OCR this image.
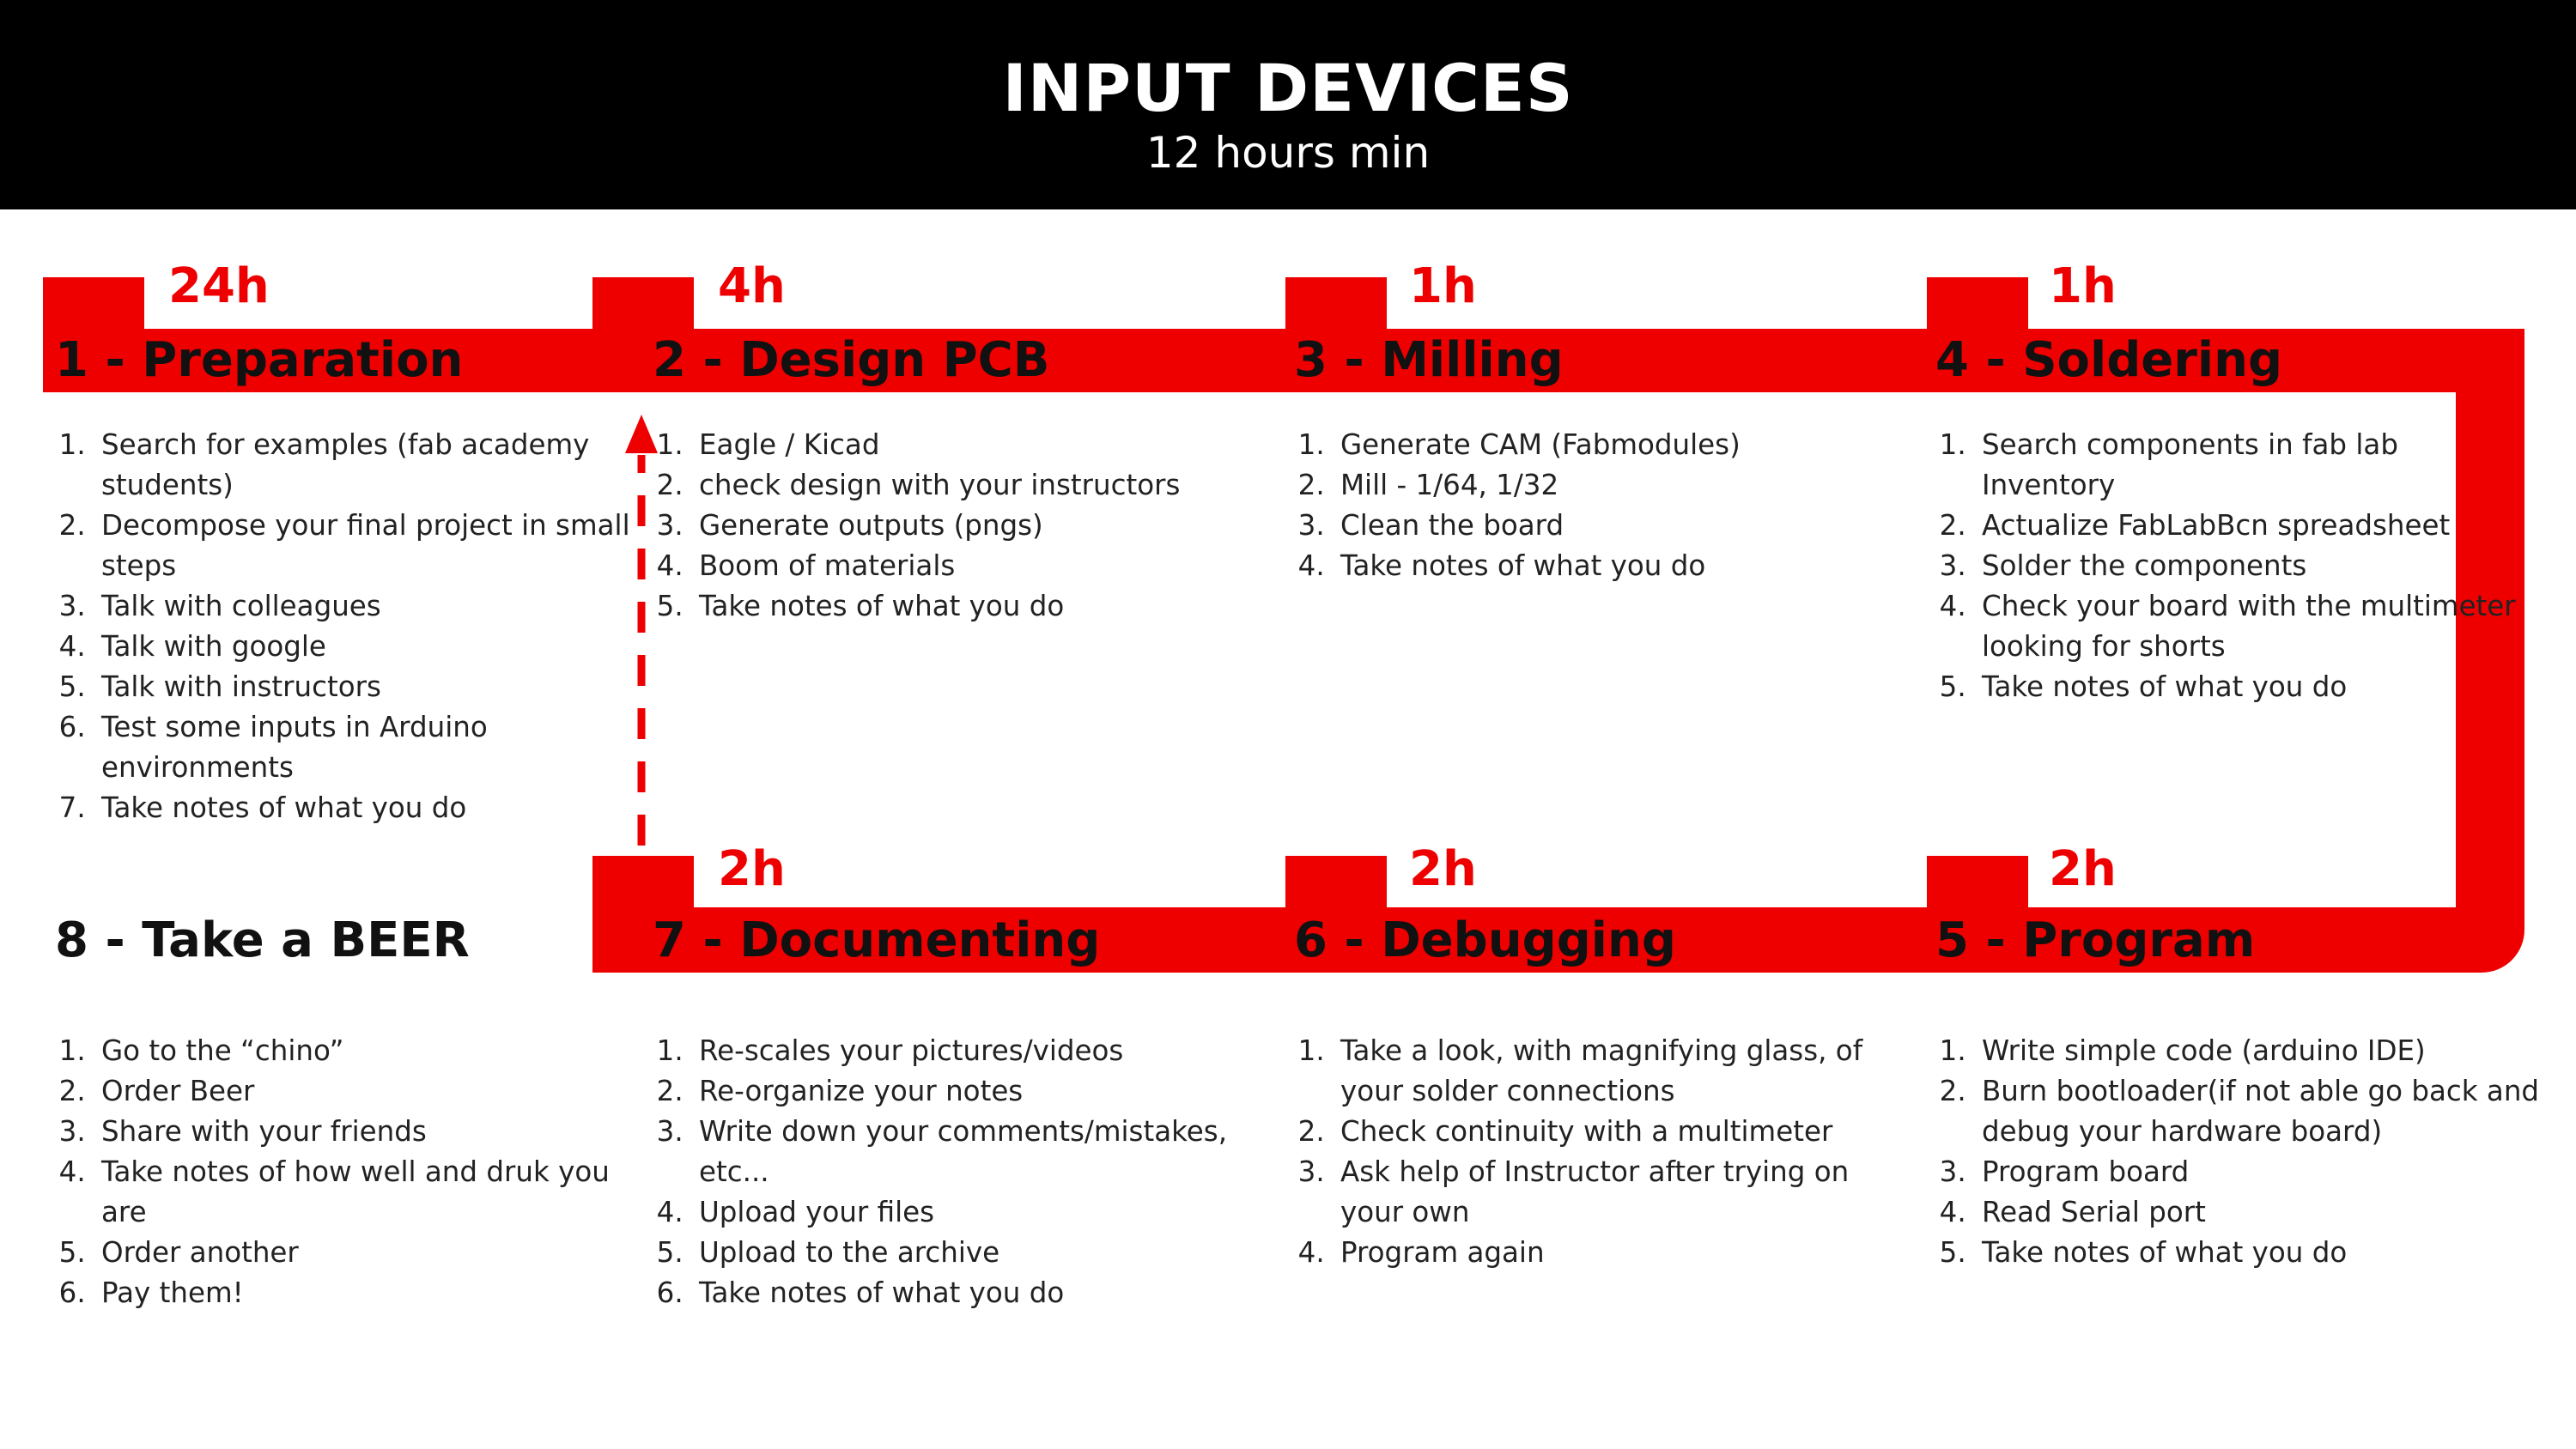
INPUT DEVICES
12 hours min
24h
1 - Preparation
1. Search for examples (fab academy students)
2. Decompose your final project in small steps
3. Talk with colleagues
4. Talk with google
5. Talk with instructors
6. Test some inputs in Arduino environments
7. Take notes of what you do
4h
2 - Design PCB
1. Eagle / Kicad
2. check design with your instructors
3. Generate outputs (pngs)
4. Boom of materials
5. Take notes of what you do
1h
3 - Milling
1. Generate CAM (Fabmodules)
2. Mill - 1/64, 1/32
3. Clean the board
4. Take notes of what you do
1h
4 - Soldering
1. Search components in fab lab Inventory
2. Actualize FabLabBcn spreadsheet
3. Solder the components
4. Check your board with the multimeter looking for shorts
5. Take notes of what you do
2h
7 - Documenting
1. Re-scales your pictures/videos
2. Re-organize your notes
3. Write down your comments/mistakes, etc...
4. Upload your files
5. Upload to the archive
6. Take notes of what you do
2h
6 - Debugging
1. Take a look, with magnifying glass, of your solder connections
2. Check continuity with a multimeter
3. Ask help of Instructor after trying on your own
4. Program again
2h
5 - Program
1. Write simple code (arduino IDE)
2. Burn bootloader(if not able go back and debug your hardware board)
3. Program board
4. Read Serial port
5. Take notes of what you do
8 - Take a BEER
1. Go to the “chino”
2. Order Beer
3. Share with your friends
4. Take notes of how well and druk you are
5. Order another
6. Pay them!
